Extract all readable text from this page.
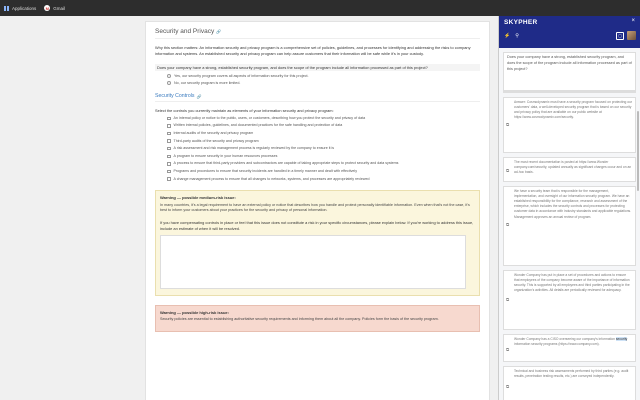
Applications	M Gmail
Security and Privacy 🔗
Why this section matters: An information security and privacy program is a comprehensive set of policies, guidelines, and processes for identifying and addressing the risks to company information and systems. An established security and privacy program can help assure customers that their information will be safe while it's in your custody.
Does your company have a strong, established security program, and does the scope of the program include all information processed as part of this project?
Yes, our security program covers all aspects of information security for this project.
No, our security program is more limited.
Security Controls 🔗
Select the controls you currently maintain as elements of your information security and privacy program:
An internal policy or notice to the public, users, or customers, describing how you protect the security and privacy of data
Written internal policies, guidelines, and documented practices for the safe handling and protection of data
Internal audits of the security and privacy program
Third-party audits of the security and privacy program
A risk assessment and risk management process is regularly reviewed by the company to ensure it is
A program to ensure security in your human resources processes
A process to ensure that third-party providers and subcontractors are capable of taking appropriate steps to protect security and data systems
Programs and procedures to ensure that security incidents are handled in a timely manner and dealt with effectively
A change management process to ensure that all changes to networks, systems, and processes are appropriately reviewed
Warning — possible medium-risk issue:
In many countries, it's a legal requirement to have an external policy or notice that describes how you handle and protect personally identifiable information. Even when that's not the case, it's best to inform your customers about your practices for the security and privacy of personal information.
If you have compensating controls in place or feel that this issue does not constitute a risk in your specific circumstances, please explain below. If you're working to address this issue, include an estimate of when it will be resolved.
Warning — possible high-risk issue:
Security policies are essential to establishing authoritative security requirements and informing them about all the company. Policies form the basis of the security program.
SKYPHER	×
⚡ ⚲	▢
Does your company have a strong, established security program, and does the scope of the program include all information processed as part of this project?
⧉
Answer: Cosmodynamix must have a security program focused on protecting our customers' data, a well-developed security program that is based on our security and privacy policy that are available on our public website at https://www.cosmodynamix.com/security.
⧉
The most recent documentation is posted at https://www.Wonder company.com/security, updated annually as significant changes occur and on an ad-hoc basis.
⧉
We have a security team that is responsible for the management, implementation, and oversight of our information security program. We have an established responsibility for the compliance, research and assessment of the enterprise, which includes the security controls and processes for protecting customer data in accordance with industry standards and applicable regulations. Management approves an annual review of program.
⧉
Wonder Company has put in place a set of procedures and actions to ensure that employees of the company become aware of the importance of information security. This is supported by all employees and third parties participating in the organization's activities. All details are periodically reviewed for adequacy.
⧉
Wonder Company has a CISO overseeing our company's information security information security programs (https://www.company.com).
⧉
Technical and business risk assessments performed by third parties (e.g. audit results, penetration testing results, etc.) are conveyed independently.
